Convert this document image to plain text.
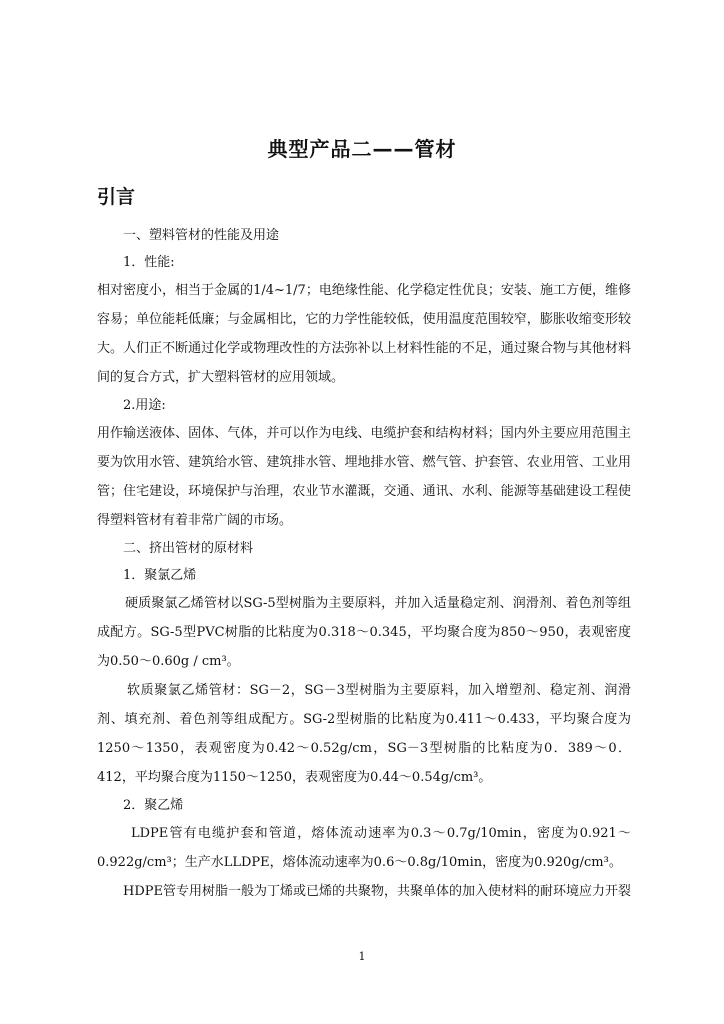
典型产品二——管材
引言

一、塑料管材的性能及用途

1．性能:

相对密度小，相当于金属的1/4~1/7；电绝缘性能、化学稳定性优良；安装、施工方便，维修容易；单位能耗低廉；与金属相比，它的力学性能较低，使用温度范围较窄，膨胀收缩变形较大。人们正不断通过化学或物理改性的方法弥补以上材料性能的不足，通过聚合物与其他材料间的复合方式，扩大塑料管材的应用领域。

2.用途:

用作输送液体、固体、气体，并可以作为电线、电缆护套和结构材料；国内外主要应用范围主要为饮用水管、建筑给水管、建筑排水管、埋地排水管、燃气管、护套管、农业用管、工业用管；住宅建设，环境保护与治理，农业节水灌溉，交通、通讯、水利、能源等基础建设工程使得塑料管材有着非常广阔的市场。

二、挤出管材的原材料

1．聚氯乙烯

硬质聚氯乙烯管材以SG-5型树脂为主要原料，并加入适量稳定剂、润滑剂、着色剂等组成配方。SG-5型PVC树脂的比粘度为0.318～0.345，平均聚合度为850～950，表观密度为0.50～0.60g / cm³。

软质聚氯乙烯管材：SG－2，SG－3型树脂为主要原料，加入增塑剂、稳定剂、润滑剂、填充剂、着色剂等组成配方。SG-2型树脂的比粘度为0.411～0.433，平均聚合度为1250～1350，表观密度为0.42～0.52g/cm，SG－3型树脂的比粘度为0．389～0．412，平均聚合度为1150～1250，表观密度为0.44～0.54g/cm³。

2．聚乙烯

LDPE管有电缆护套和管道，熔体流动速率为0.3～0.7g/10min，密度为0.921～0.922g/cm³；生产水LLDPE，熔体流动速率为0.6～0.8g/10min，密度为0.920g/cm³。

HDPE管专用树脂一般为丁烯或已烯的共聚物，共聚单体的加入使材料的耐环境应力开裂

1
